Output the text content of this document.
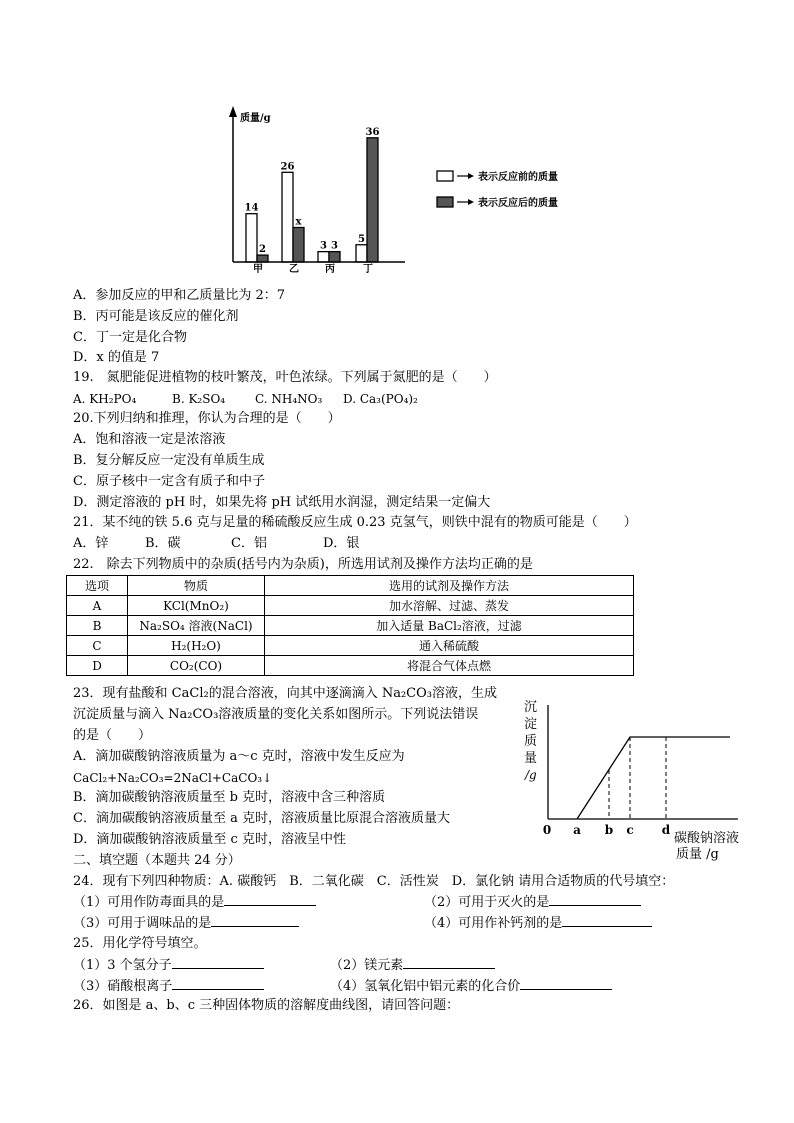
14
26
3
5
2
x
3
36
质量/g
甲	乙	丙	丁
表示反应前的质量
表示反应后的质量
A．参加反应的甲和乙质量比为 2：7
B．丙可能是该反应的催化剂
C．丁一定是化合物
D．x 的值是 7
19.　氮肥能促进植物的枝叶繁茂，叶色浓绿。下列属于氮肥的是（　　）
A. KH₂PO₄	B. K₂SO₄ C. NH₄NO₃ D. Ca₃(PO₄)₂
20.下列归纳和推理，你认为合理的是（　　）
A．饱和溶液一定是浓溶液
B．复分解反应一定没有单质生成
C．原子核中一定含有质子和中子
D．测定溶液的 pH 时，如果先将 pH 试纸用水润湿，测定结果一定偏大
21．某不纯的铁 5.6 克与足量的稀硫酸反应生成 0.23 克氢气，则铁中混有的物质可能是（　　）
A．锌	B．碳	C．铝	D．银
22.　除去下列物质中的杂质(括号内为杂质)，所选用试剂及操作方法均正确的是
选项	物质	选用的试剂及操作方法
A	KCl(MnO₂)	加水溶解、过滤、蒸发
B	Na₂SO₄ 溶液(NaCl)	加入适量 BaCl₂溶液，过滤
C	H₂(H₂O)	通入稀硫酸
D	CO₂(CO)	将混合气体点燃
23．现有盐酸和 CaCl₂的混合溶液，向其中逐滴滴入 Na₂CO₃溶液，生成
沉淀质量与滴入 Na₂CO₃溶液质量的变化关系如图所示。下列说法错误
的是（　　）
A．滴加碳酸钠溶液质量为 a～c 克时，溶液中发生反应为
CaCl₂+Na₂CO₃=2NaCl+CaCO₃↓
B．滴加碳酸钠溶液质量至 b 克时，溶液中含三种溶质
C．滴加碳酸钠溶液质量至 a 克时，溶液质量比原混合溶液质量大
D．滴加碳酸钠溶液质量至 c 克时，溶液呈中性
沉
淀
质
量
/g
0 a b c d
碳酸钠溶液
质量 /g
二、填空题（本题共 24 分）
24．现有下列四种物质：A. 碳酸钙　B．二氧化碳　C．活性炭　D．氯化钠 请用合适物质的代号填空：
（1）可用作防毒面具的是	（2）可用于灭火的是
（3）可用于调味品的是	（4）可用作补钙剂的是
25．用化学符号填空。
（1）3 个氢分子	（2）镁元素
（3）硝酸根离子	（4）氢氧化铝中铝元素的化合价
26．如图是 a、b、c 三种固体物质的溶解度曲线图，请回答问题：
